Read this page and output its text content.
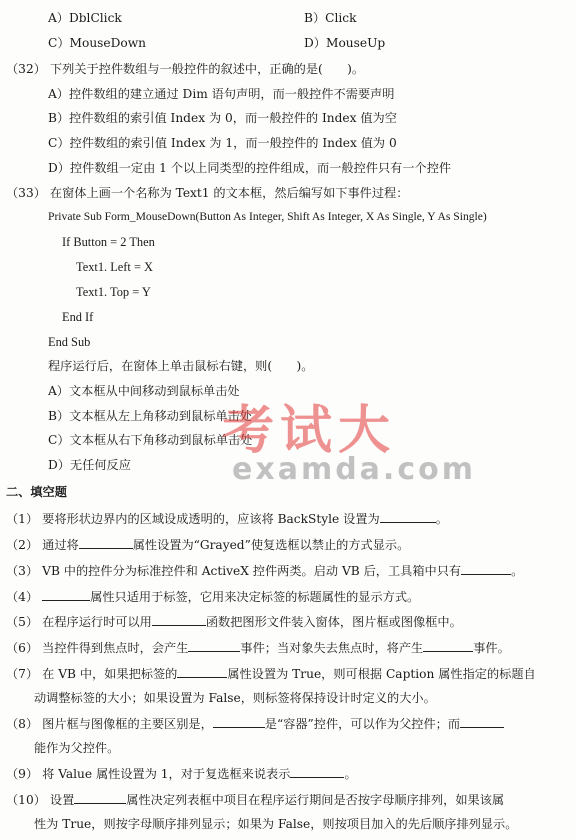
A）DblClick	B）Click
C）MouseDown	D）MouseUp
（32） 下列关于控件数组与一般控件的叙述中，正确的是(　　)。
A）控件数组的建立通过 Dim 语句声明，而一般控件不需要声明
B）控件数组的索引值 Index 为 0，而一般控件的 Index 值为空
C）控件数组的索引值 Index 为 1，而一般控件的 Index 值为 0
D）控件数组一定由 1 个以上同类型的控件组成，而一般控件只有一个控件
（33） 在窗体上画一个名称为 Text1 的文本框，然后编写如下事件过程：
Private Sub Form_MouseDown(Button As Integer, Shift As Integer, X As Single, Y As Single)
If Button = 2 Then
Text1. Left = X
Text1. Top = Y
End If
End Sub
程序运行后，在窗体上单击鼠标右键，则(　　)。
A）文本框从中间移动到鼠标单击处
B）文本框从左上角移动到鼠标单击处
C）文本框从右下角移动到鼠标单击处
D）无任何反应
二、填空题
（1） 要将形状边界内的区域设成透明的，应该将 BackStyle 设置为	。
（2） 通过将	属性设置为“Grayed”使复选框以禁止的方式显示。
（3） VB 中的控件分为标准控件和 ActiveX 控件两类。启动 VB 后，工具箱中只有	。
（4）	属性只适用于标签，它用来决定标签的标题属性的显示方式。
（5） 在程序运行时可以用	函数把图形文件装入窗体，图片框或图像框中。
（6） 当控件得到焦点时，会产生	事件；当对象失去焦点时，将产生	事件。
（7） 在 VB 中，如果把标签的	属性设置为 True，则可根据 Caption 属性指定的标题自
动调整标签的大小；如果设置为 False，则标签将保持设计时定义的大小。
（8） 图片框与图像框的主要区别是，	是“容器”控件，可以作为父控件；而
能作为父控件。
（9） 将 Value 属性设置为 1，对于复选框来说表示	。
（10） 设置	属性决定列表框中项目在程序运行期间是否按字母顺序排列，如果该属
性为 True，则按字母顺序排列显示；如果为 False，则按项目加入的先后顺序排列显示。
考试大
examda.com
